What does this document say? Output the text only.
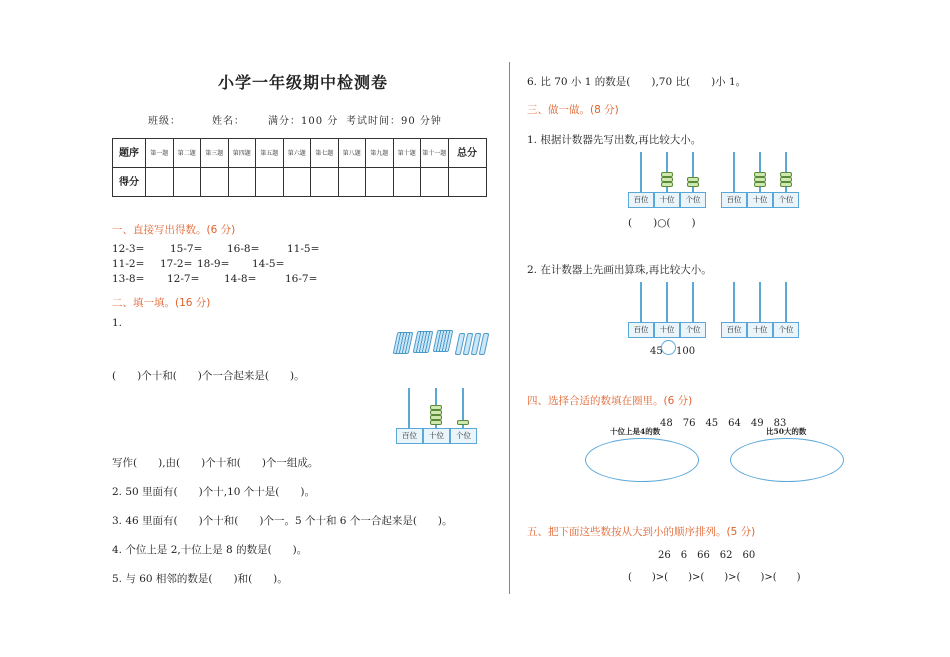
小学一年级期中检测卷
班级：	姓名： 满分：100 分 考试时间：90 分钟
题序	第一题	第二题	第三题	第四题	第五题	第六题	第七题	第八题	第九题	第十题	第十一题	总分
得分												
一、直接写出得数。(6 分)
12-3= 15-7= 16-8=	11-5=
11-2= 17-2= 18-9= 14-5=
13-8= 12-7= 14-8=	16-7=
二、填一填。(16 分)
1.
(　　)个十和(　　)个一合起来是(　　)。
百位	十位	个位
写作(　　),由(　　)个十和(　　)个一组成。
2. 50 里面有(　　)个十,10 个十是(　　)。
3. 46 里面有(　　)个十和(　　)个一。5 个十和 6 个一合起来是(　　)。
4. 个位上是 2,十位上是 8 的数是(　　)。
5. 与 60 相邻的数是(　　)和(　　)。
6. 比 70 小 1 的数是(　　),70 比(　　)小 1。
三、做一做。(8 分)
1. 根据计数器先写出数,再比较大小。
百位	十位	个位	百位	十位	个位
(　　)○(　　)
2. 在计数器上先画出算珠,再比较大小。
百位	十位	个位	百位	十位	个位
45 100
四、选择合适的数填在圈里。(6 分)
48　76　45　64　49　83
十位上是4的数	比50大的数
五、把下面这些数按从大到小的顺序排列。(5 分)
26　6　66　62　60
(　　)>(　　)>(　　)>(　　)>(　　)
